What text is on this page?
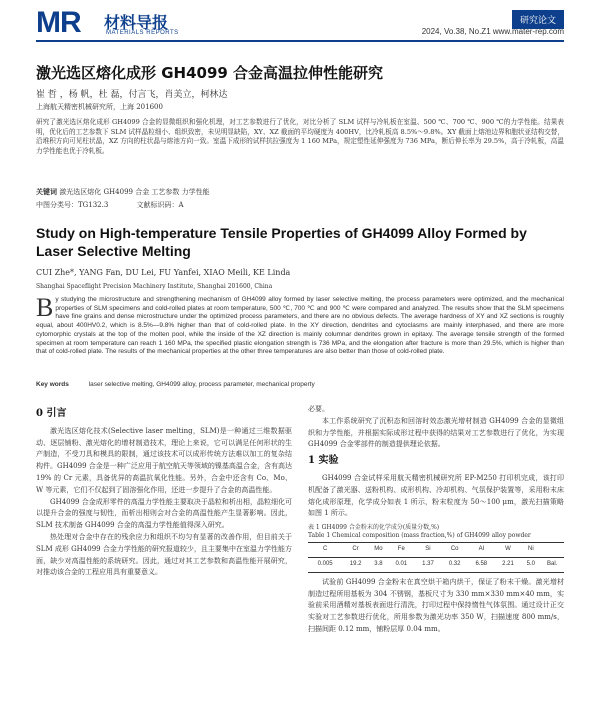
MR 材料导报
MATERIALS REPORTS
研究论文
2024, Vo.38, No.Z1 www.mater-rep.com
激光选区熔化成形 GH4099 合金高温拉伸性能研究
崔 哲 ，杨 帆，杜 磊，付言飞，肖美立，柯林达
上海航天精密机械研究所，上海 201600
研究了激光选区熔化成形 GH4099 合金的显微组织和强化机理，对工艺参数进行了优化，对比分析了 SLM 试样与冷轧板在室温、500 ℃、700 ℃、900 ℃的力学性能。结果表明，优化后的工艺参数下 SLM 试样晶粒细小、组织致密，未见明显缺陷，XY、XZ 截面的平均硬度为 400HV，比冷轧板高 8.5%～9.8%。XY 截面上熔池边界和胞状亚结构交替，沿堆积方向可见柱状晶，XZ 方向的柱状晶与熔池方向一致。室温下成形的试样抗拉强度为 1 160 MPa，规定塑性延伸强度为 736 MPa，断后伸长率为 29.5%，高于冷轧板，高温力学性能也优于冷轧板。
关键词 激光选区熔化 GH4099 合金 工艺参数 力学性能
中图分类号：TG132.3	文献标识码：A
Study on High-temperature Tensile Properties of GH4099 Alloy Formed by Laser Selective Melting
CUI Zhe*, YANG Fan, DU Lei, FU Yanfei, XIAO Meili, KE Linda
Shanghai Spaceflight Precision Machinery Institute, Shanghai 201600, China
By studying the microstructure and strengthening mechanism of GH4099 alloy formed by laser selective melting, the process parameters were optimized, and the mechanical properties of SLM specimens and cold-rolled plates at room temperature, 500 ℃, 700 ℃ and 900 ℃ were compared and analyzed. The results show that the SLM specimens have fine grains and dense microstructure under the optimized process parameters, and there are no obvious defects. The average hardness of XY and XZ sections is roughly equal, about 400HV0.2, which is 8.5%—9.8% higher than that of cold-rolled plate. In the XY direction, dendrites and cytoclasms are mainly interphased, and there are more cytomorphic crystals at the top of the molten pool, while the inside of the XZ direction is mainly columnar dendrites grown in epitaxy. The average tensile strength of the formed specimen at room temperature can reach 1 160 MPa, the specified plastic elongation strength is 736 MPa, and the elongation after fracture is more than 29.5%, which is higher than that of cold-rolled plate. The results of the mechanical properties at the other three temperatures are also better than those of cold-rolled plate.
Key words	laser selective melting, GH4099 alloy, process parameter, mechanical property
0 引言

激光选区熔化技术(Selective laser melting，SLM)是一种通过三维数据驱动、逐层铺粉、激光熔化的增材制造技术，理论上来说，它可以满足任何形状的生产制造，不受刀具和模具的限制，通过该技术可以成形传统方法难以加工的复杂结构件。GH4099 合金是一种广泛应用于航空航天等领域的镍基高温合金，含有高达 19% 的 Cr 元素，具备优异的高温抗氧化性能。另外，合金中还含有 Co、Mo、W 等元素，它们不仅起到了固溶强化作用，还进一步提升了合金的高温性能。

GH4099 合金成形零件的高温力学性能主要取决于晶粒和析出相，晶粒细化可以提升合金的强度与韧性，而析出相则会对合金的高温性能产生显著影响。因此，SLM 技术制备 GH4099 合金的高温力学性能值得深入研究。

热处理对合金中存在的残余应力和组织不均匀有显著的改善作用，但目前关于 SLM 成形 GH4099 合金力学性能的研究报道较少，且主要集中在室温力学性能方面，缺少对高温性能的系统研究。因此，通过对其工艺参数和高温性能开展研究，对推动该合金的工程应用具有重要意义。

必要。

本工作系统研究了沉积态和回溶时效态激光增材制造 GH4099 合金的显微组织和力学性能，并根据实际成形过程中获得的结果对工艺参数进行了优化，为实现 GH4099 合金零部件的制造提供理论依据。

1 实验

GH4099 合金试样采用航天精密机械研究所 EP-M250 打印机完成，该打印机配备了激光器、送粉机构、成形机构、冷却机构、气氛保护装置等，采用粉末床熔化成形原理，化学成分如表 1 所示，粉末粒度为 50～100 μm，激光扫描策略如图 1 所示。

表 1 GH4099 合金粉末的化学成分(质量分数,%)
Table 1 Chemical composition (mass fraction,%) of GH4099 alloy powder
C	Cr	Mo	Fe	Si	Co	Al	W	Ni	
0.005	19.2	3.8	0.01	1.37	0.32	6.58	2.21	5.0	Bal.

试验前 GH4099 合金粉末在真空烘干箱内烘干，保证了粉末干燥。激光增材制造过程所用基板为 304 不锈钢，基板尺寸为 330 mm×330 mm×40 mm，实验前采用酒精对基板表面进行清洗，打印过程中保持惰性气体氛围。通过设计正交实验对工艺参数进行优化，所用参数为激光功率 350 W，扫描速度 800 mm/s，扫描间距 0.12 mm，铺粉层厚 0.04 mm。
